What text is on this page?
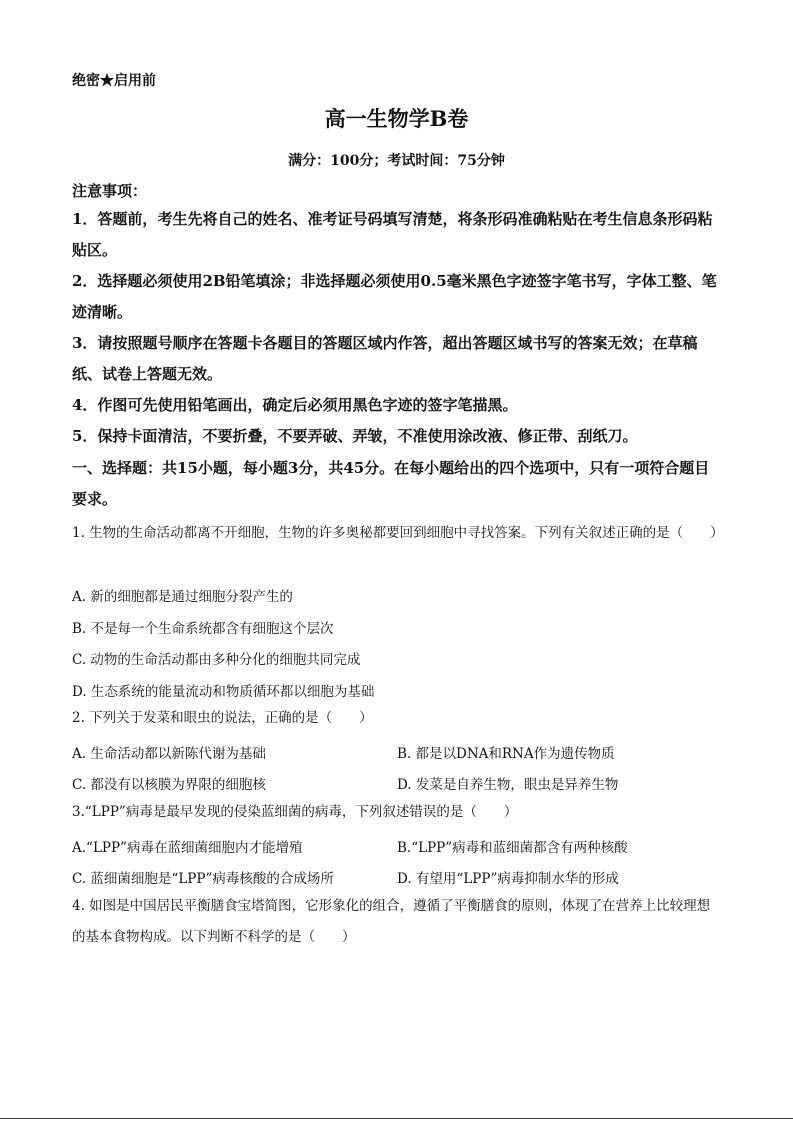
绝密★启用前
高一生物学B卷
满分：100分；考试时间：75分钟
注意事项：
1．答题前，考生先将自己的姓名、准考证号码填写清楚，将条形码准确粘贴在考生信息条形码粘贴区。
2．选择题必须使用2B铅笔填涂；非选择题必须使用0.5毫米黑色字迹签字笔书写，字体工整、笔迹清晰。
3．请按照题号顺序在答题卡各题目的答题区域内作答，超出答题区域书写的答案无效；在草稿纸、试卷上答题无效。
4．作图可先使用铅笔画出，确定后必须用黑色字迹的签字笔描黑。
5．保持卡面清洁，不要折叠，不要弄破、弄皱，不准使用涂改液、修正带、刮纸刀。
一、选择题：共15小题，每小题3分，共45分。在每小题给出的四个选项中，只有一项符合题目要求。
1. 生物的生命活动都离不开细胞，生物的许多奥秘都要回到细胞中寻找答案。下列有关叙述正确的是（　　）
A. 新的细胞都是通过细胞分裂产生的
B. 不是每一个生命系统都含有细胞这个层次
C. 动物的生命活动都由多种分化的细胞共同完成
D. 生态系统的能量流动和物质循环都以细胞为基础
2. 下列关于发菜和眼虫的说法，正确的是（　　）
A. 生命活动都以新陈代谢为基础	B. 都是以DNA和RNA作为遗传物质
C. 都没有以核膜为界限的细胞核	D. 发菜是自养生物，眼虫是异养生物
3.“LPP”病毒是最早发现的侵染蓝细菌的病毒，下列叙述错误的是（　　）
A.“LPP”病毒在蓝细菌细胞内才能增殖	B.“LPP”病毒和蓝细菌都含有两种核酸
C. 蓝细菌细胞是“LPP”病毒核酸的合成场所	D. 有望用“LPP”病毒抑制水华的形成
4. 如图是中国居民平衡膳食宝塔简图，它形象化的组合，遵循了平衡膳食的原则，体现了在营养上比较理想的基本食物构成。以下判断不科学的是（　　）
